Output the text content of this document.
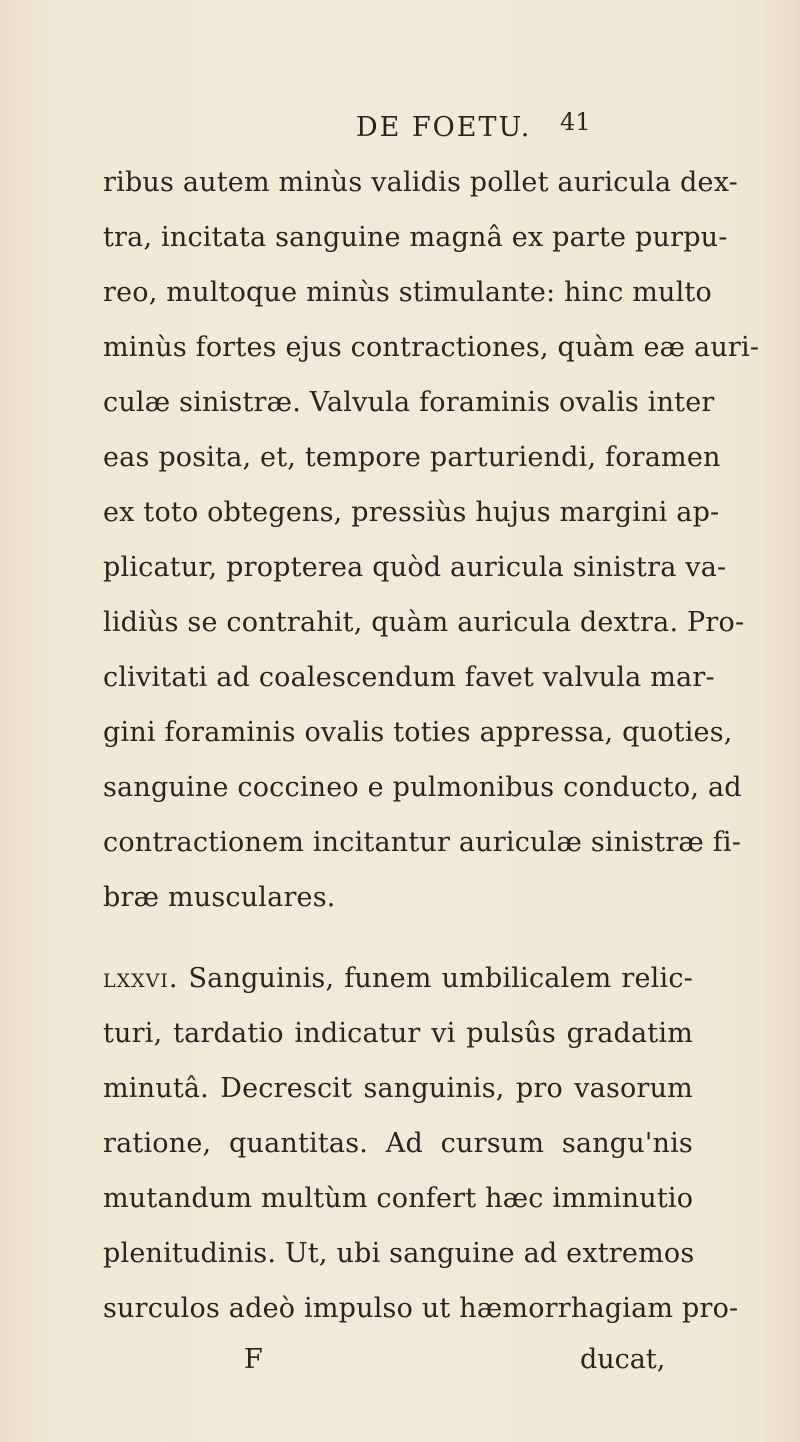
DE FOETU. 41
ribus autem minùs validis pollet auricula dex-
tra, incitata sanguine magnâ ex parte purpu-
reo, multoque minùs stimulante: hinc multo
minùs fortes ejus contractiones, quàm eæ auri-
culæ sinistræ. Valvula foraminis ovalis inter
eas posita, et, tempore parturiendi, foramen
ex toto obtegens, pressiùs hujus margini ap-
plicatur, propterea quòd auricula sinistra va-
lidiùs se contrahit, quàm auricula dextra. Pro-
clivitati ad coalescendum favet valvula mar-
gini foraminis ovalis toties appressa, quoties,
sanguine coccineo e pulmonibus conducto, ad
contractionem incitantur auriculæ sinistræ fi-
bræ musculares.
lxxvi. Sanguinis, funem umbilicalem relic-
turi, tardatio indicatur vi pulsûs gradatim
minutâ. Decrescit sanguinis, pro vasorum
ratione, quantitas. Ad cursum sangu'nis
mutandum multùm confert hæc imminutio
plenitudinis. Ut, ubi sanguine ad extremos
surculos adeò impulso ut hæmorrhagiam pro-
F	ducat,
